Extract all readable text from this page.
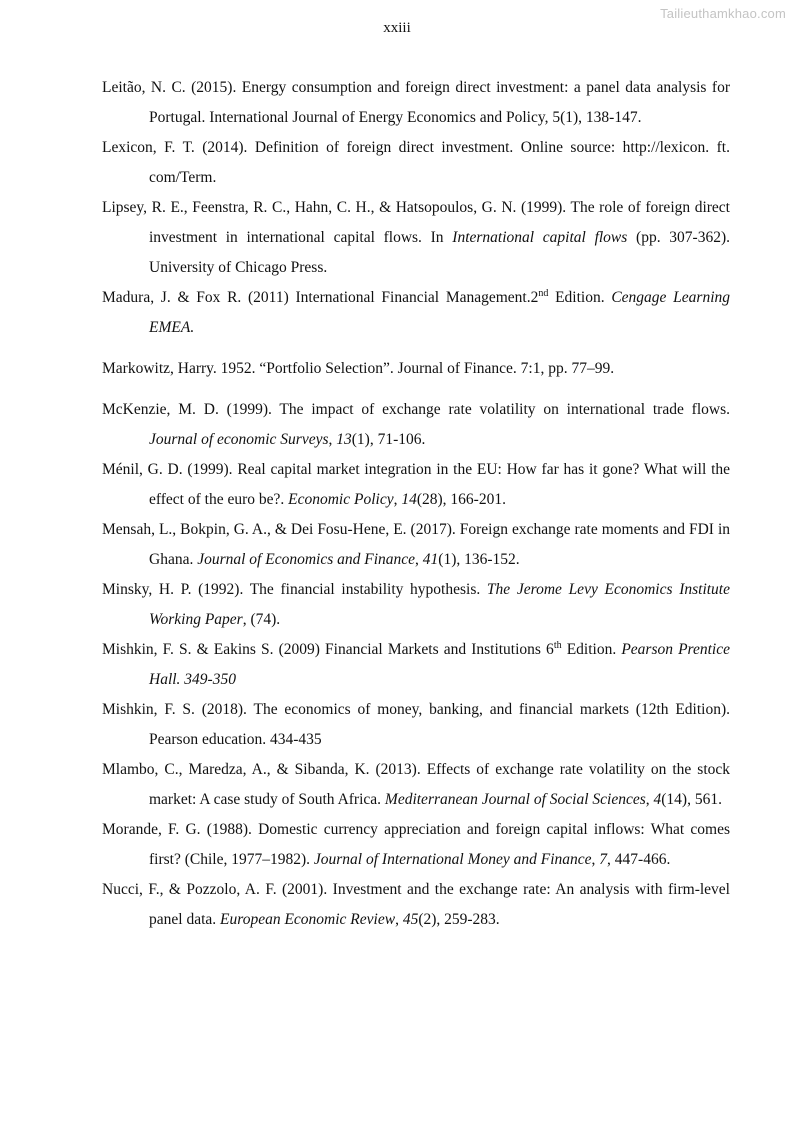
Tailieuthamkhao.com
xxiii

Leitão, N. C. (2015). Energy consumption and foreign direct investment: a panel data analysis for Portugal. International Journal of Energy Economics and Policy, 5(1), 138-147.

Lexicon, F. T. (2014). Definition of foreign direct investment. Online source: http://lexicon. ft. com/Term.

Lipsey, R. E., Feenstra, R. C., Hahn, C. H., & Hatsopoulos, G. N. (1999). The role of foreign direct investment in international capital flows. In International capital flows (pp. 307-362). University of Chicago Press.

Madura, J. & Fox R. (2011) International Financial Management.2nd Edition. Cengage Learning EMEA.

Markowitz, Harry. 1952. “Portfolio Selection”. Journal of Finance. 7:1, pp. 77–99.

McKenzie, M. D. (1999). The impact of exchange rate volatility on international trade flows. Journal of economic Surveys, 13(1), 71-106.

Ménil, G. D. (1999). Real capital market integration in the EU: How far has it gone? What will the effect of the euro be?. Economic Policy, 14(28), 166-201.

Mensah, L., Bokpin, G. A., & Dei Fosu-Hene, E. (2017). Foreign exchange rate moments and FDI in Ghana. Journal of Economics and Finance, 41(1), 136-152.

Minsky, H. P. (1992). The financial instability hypothesis. The Jerome Levy Economics Institute Working Paper, (74).

Mishkin, F. S. & Eakins S. (2009) Financial Markets and Institutions 6th Edition. Pearson Prentice Hall. 349-350

Mishkin, F. S. (2018). The economics of money, banking, and financial markets (12th Edition). Pearson education. 434-435

Mlambo, C., Maredza, A., & Sibanda, K. (2013). Effects of exchange rate volatility on the stock market: A case study of South Africa. Mediterranean Journal of Social Sciences, 4(14), 561.

Morande, F. G. (1988). Domestic currency appreciation and foreign capital inflows: What comes first? (Chile, 1977–1982). Journal of International Money and Finance, 7, 447-466.

Nucci, F., & Pozzolo, A. F. (2001). Investment and the exchange rate: An analysis with firm-level panel data. European Economic Review, 45(2), 259-283.
